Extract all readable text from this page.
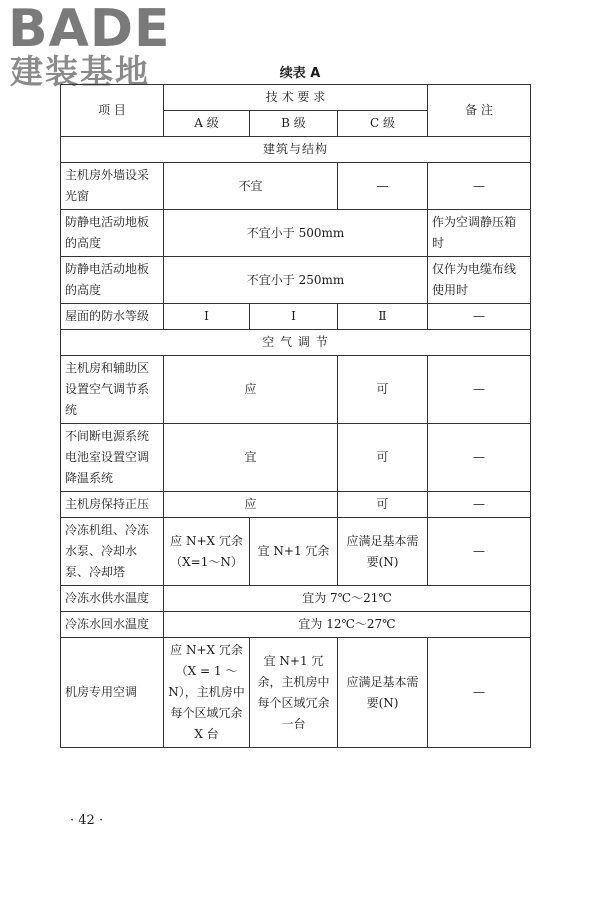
BADE
建装基地	续表 A
项 目	技 术 要 求			备 注
	A 级	B 级	C 级	
建筑与结构				
主机房外墙设采光窗	不宜		—	—
防静电活动地板的高度	不宜小于 500mm			作为空调静压箱时
防静电活动地板的高度	不宜小于 250mm			仅作为电缆布线使用时
屋面的防水等级	Ⅰ	Ⅰ	Ⅱ	—
空 气 调 节				
主机房和辅助区设置空气调节系统	应		可	—
不间断电源系统电池室设置空调降温系统	宜		可	—
主机房保持正压	应		可	—
冷冻机组、冷冻水泵、冷却水泵、冷却塔	应 N+X 冗余（X=1～N）	宜 N+1 冗余	应满足基本需要(N)	—
冷冻水供水温度	宜为 7℃～21℃			
冷冻水回水温度	宜为 12℃～27℃			
机房专用空调	应 N+X 冗余（X = 1 ～ N），主机房中每个区域冗余 X 台	宜 N+1 冗余，主机房中每个区域冗余一台	应满足基本需要(N)	—
· 42 ·
